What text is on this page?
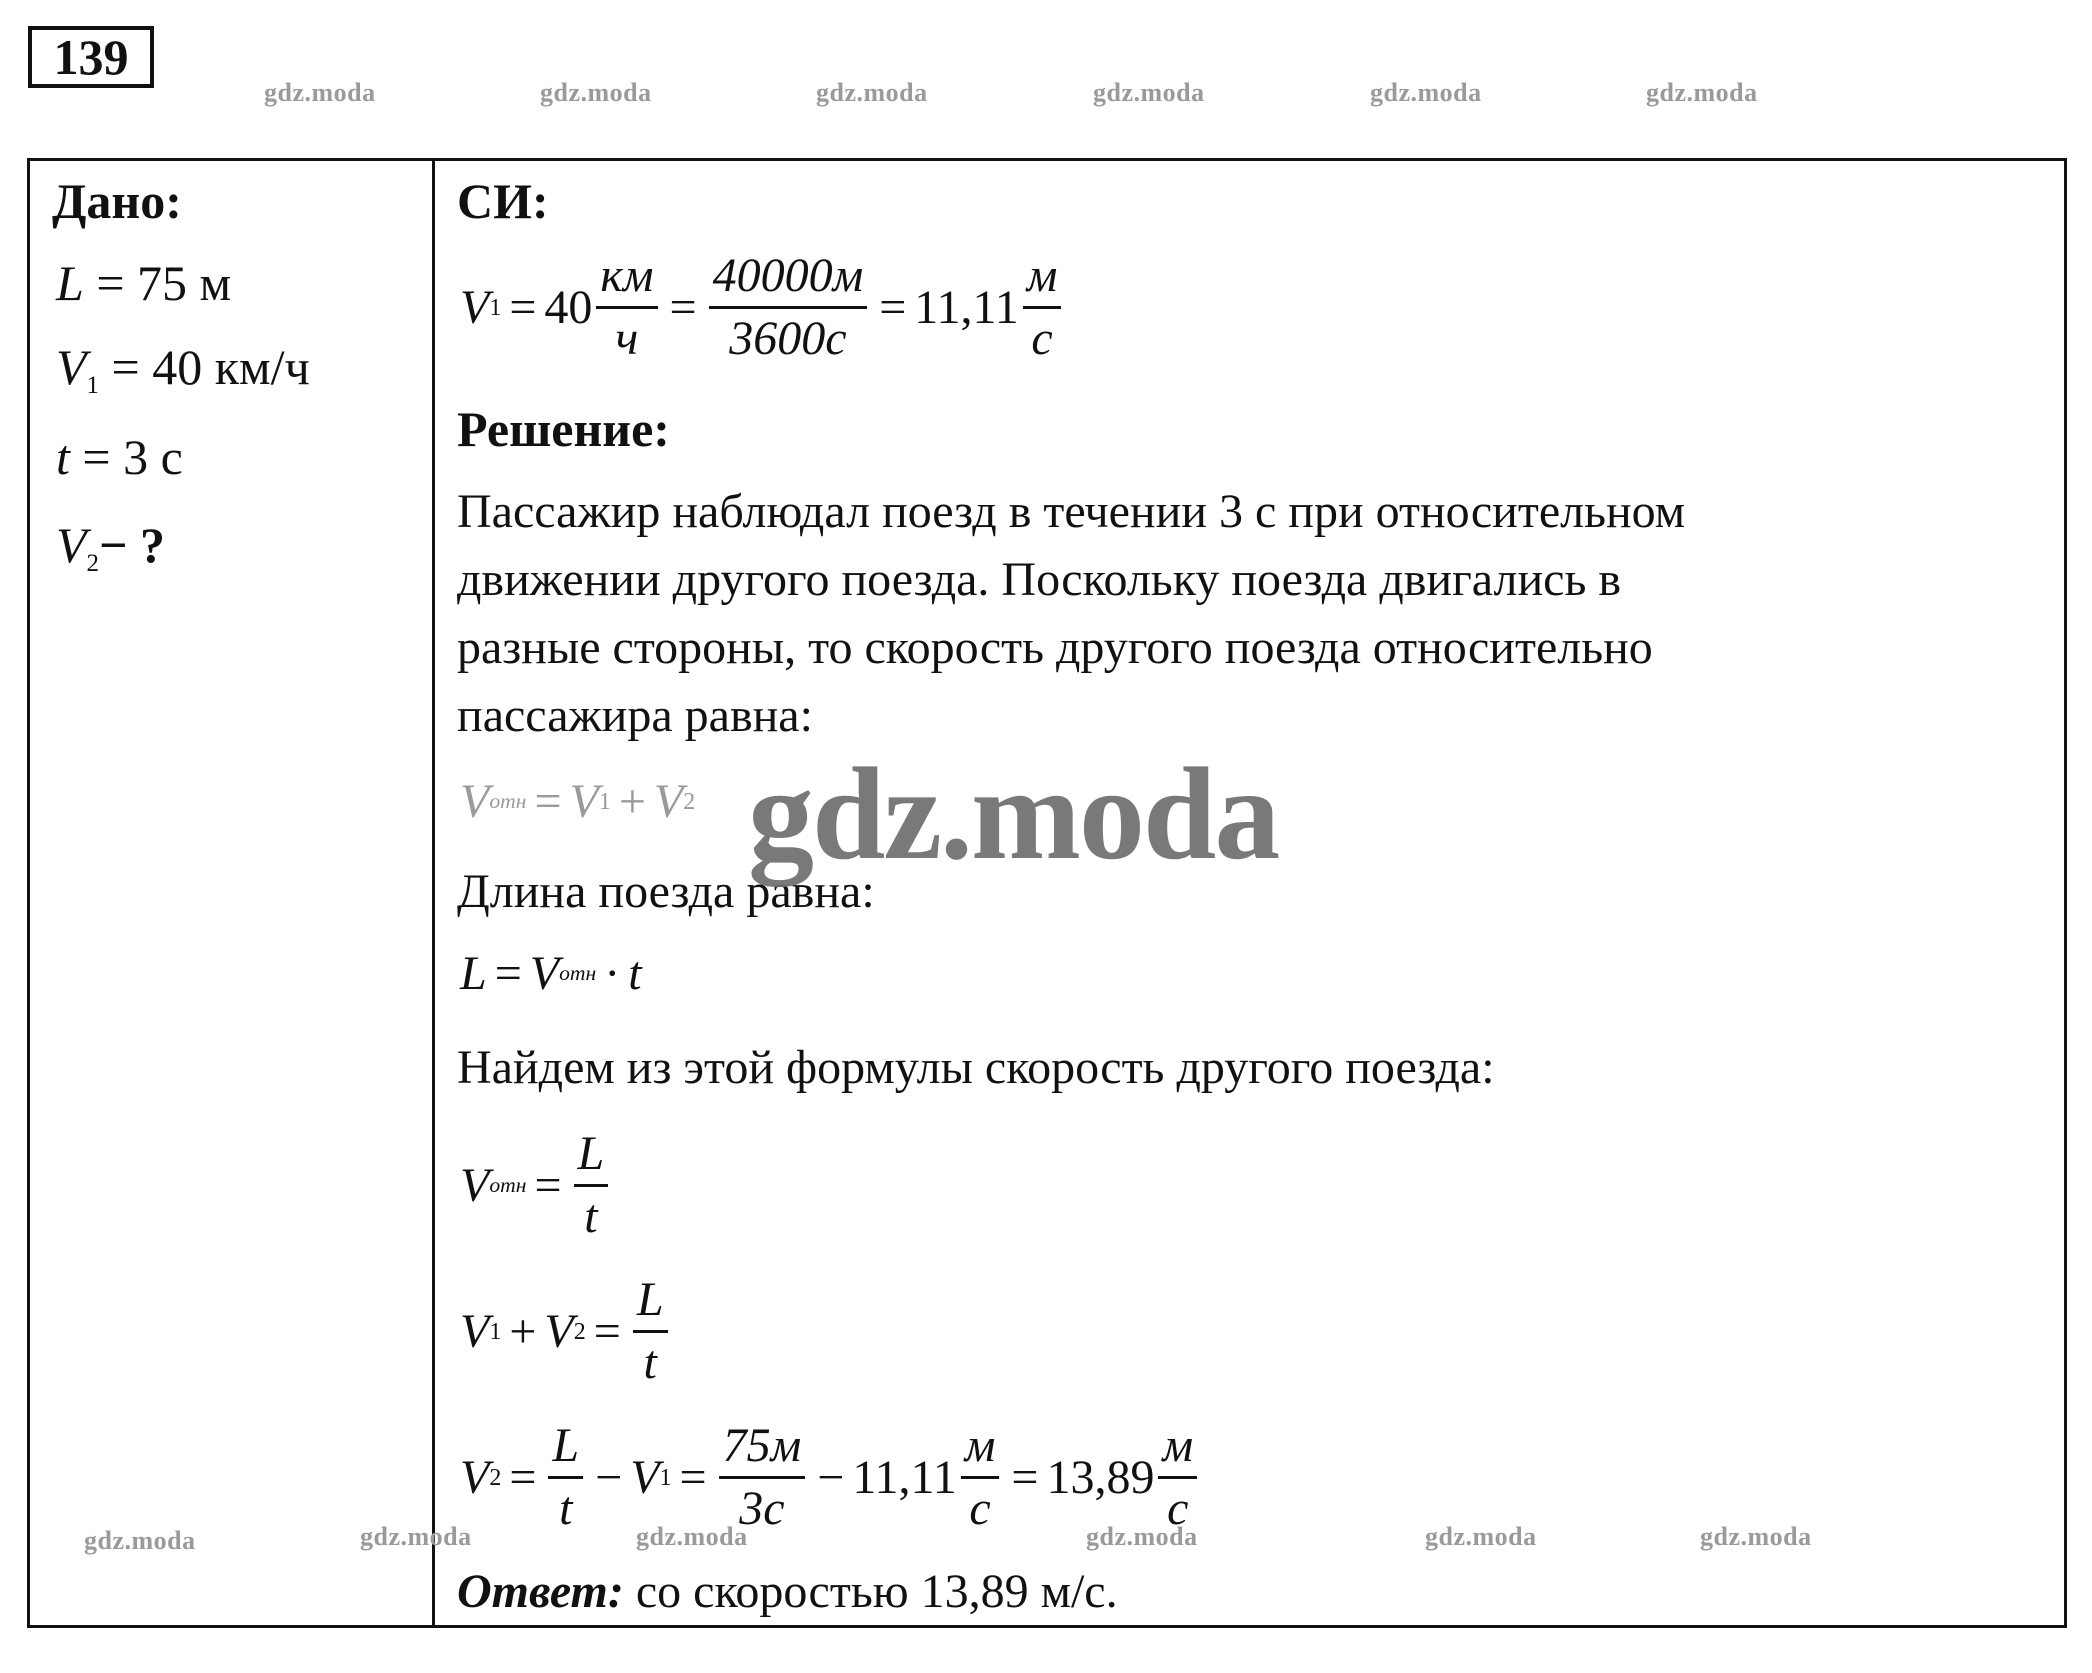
139
gdz.moda	gdz.moda	gdz.moda	gdz.moda	gdz.moda	gdz.moda
Дано:
L = 75 м
$V_1 = 40$ км/ч
t = 3 с
$V_2-$ ?
СИ:
V $1 = 40 \frac{км}{ч} = \frac{40000м}{3600с} = 11,11 \frac{м}{с}$
Решение:
Пассажир наблюдал поезд в течении 3 с при относительном
движении другого поезда. Поскольку поезда двигались в
разные стороны, то скорость другого поезда относительно
пассажира равна:
V отн = V 1 + V 2
Длина поезда равна:
L = V отн · t
Найдем из этой формулы скорость другого поезда:
V отн = $\frac{L}{t}$
V 1 + V $2 = \frac{L}{t}$
V $2 = \frac{L}{t} - V$ $1 = \frac{75м}{3с} - 11,11 \frac{м}{с} = 13,89 \frac{м}{с}$
Ответ: со скоростью 13,89 м/с.
gdz.moda
gdz.moda	gdz.moda	gdz.moda	gdz.moda	gdz.moda	gdz.moda
